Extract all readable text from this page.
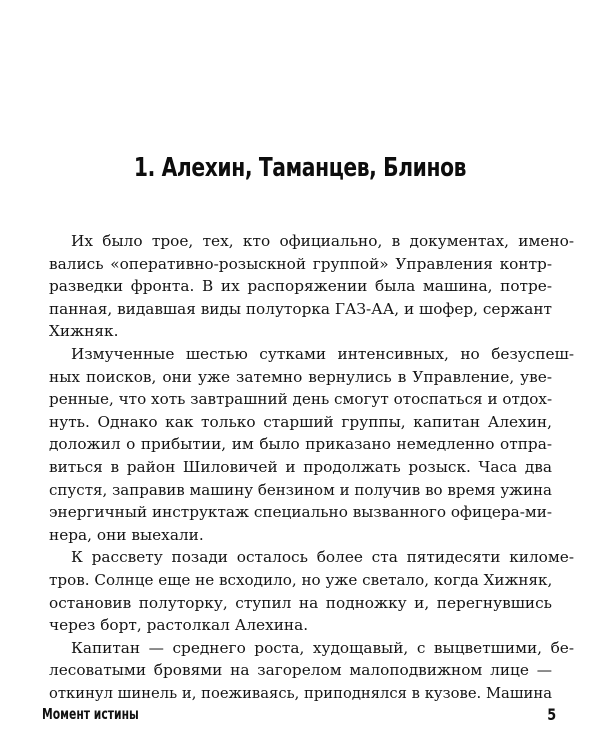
1. Алехин, Таманцев, Блинов
Их было трое, тех, кто официально, в документах, имено-
вались «оперативно-розыскной группой» Управления контр-
разведки фронта. В их распоряжении была машина, потре-
панная, видавшая виды полуторка ГАЗ-АА, и шофер, сержант
Хижняк.
Измученные шестью сутками интенсивных, но безуспеш-
ных поисков, они уже затемно вернулись в Управление, уве-
ренные, что хоть завтрашний день смогут отоспаться и отдох-
нуть. Однако как только старший группы, капитан Алехин,
доложил о прибытии, им было приказано немедленно отпра-
виться в район Шиловичей и продолжать розыск. Часа два
спустя, заправив машину бензином и получив во время ужина
энергичный инструктаж специально вызванного офицера-ми-
нера, они выехали.
К рассвету позади осталось более ста пятидесяти киломе-
тров. Солнце еще не всходило, но уже светало, когда Хижняк,
остановив полуторку, ступил на подножку и, перегнувшись
через борт, растолкал Алехина.
Капитан — среднего роста, худощавый, с выцветшими, бе-
лесоватыми бровями на загорелом малоподвижном лице —
откинул шинель и, поеживаясь, приподнялся в кузове. Машина
Момент истины	5
